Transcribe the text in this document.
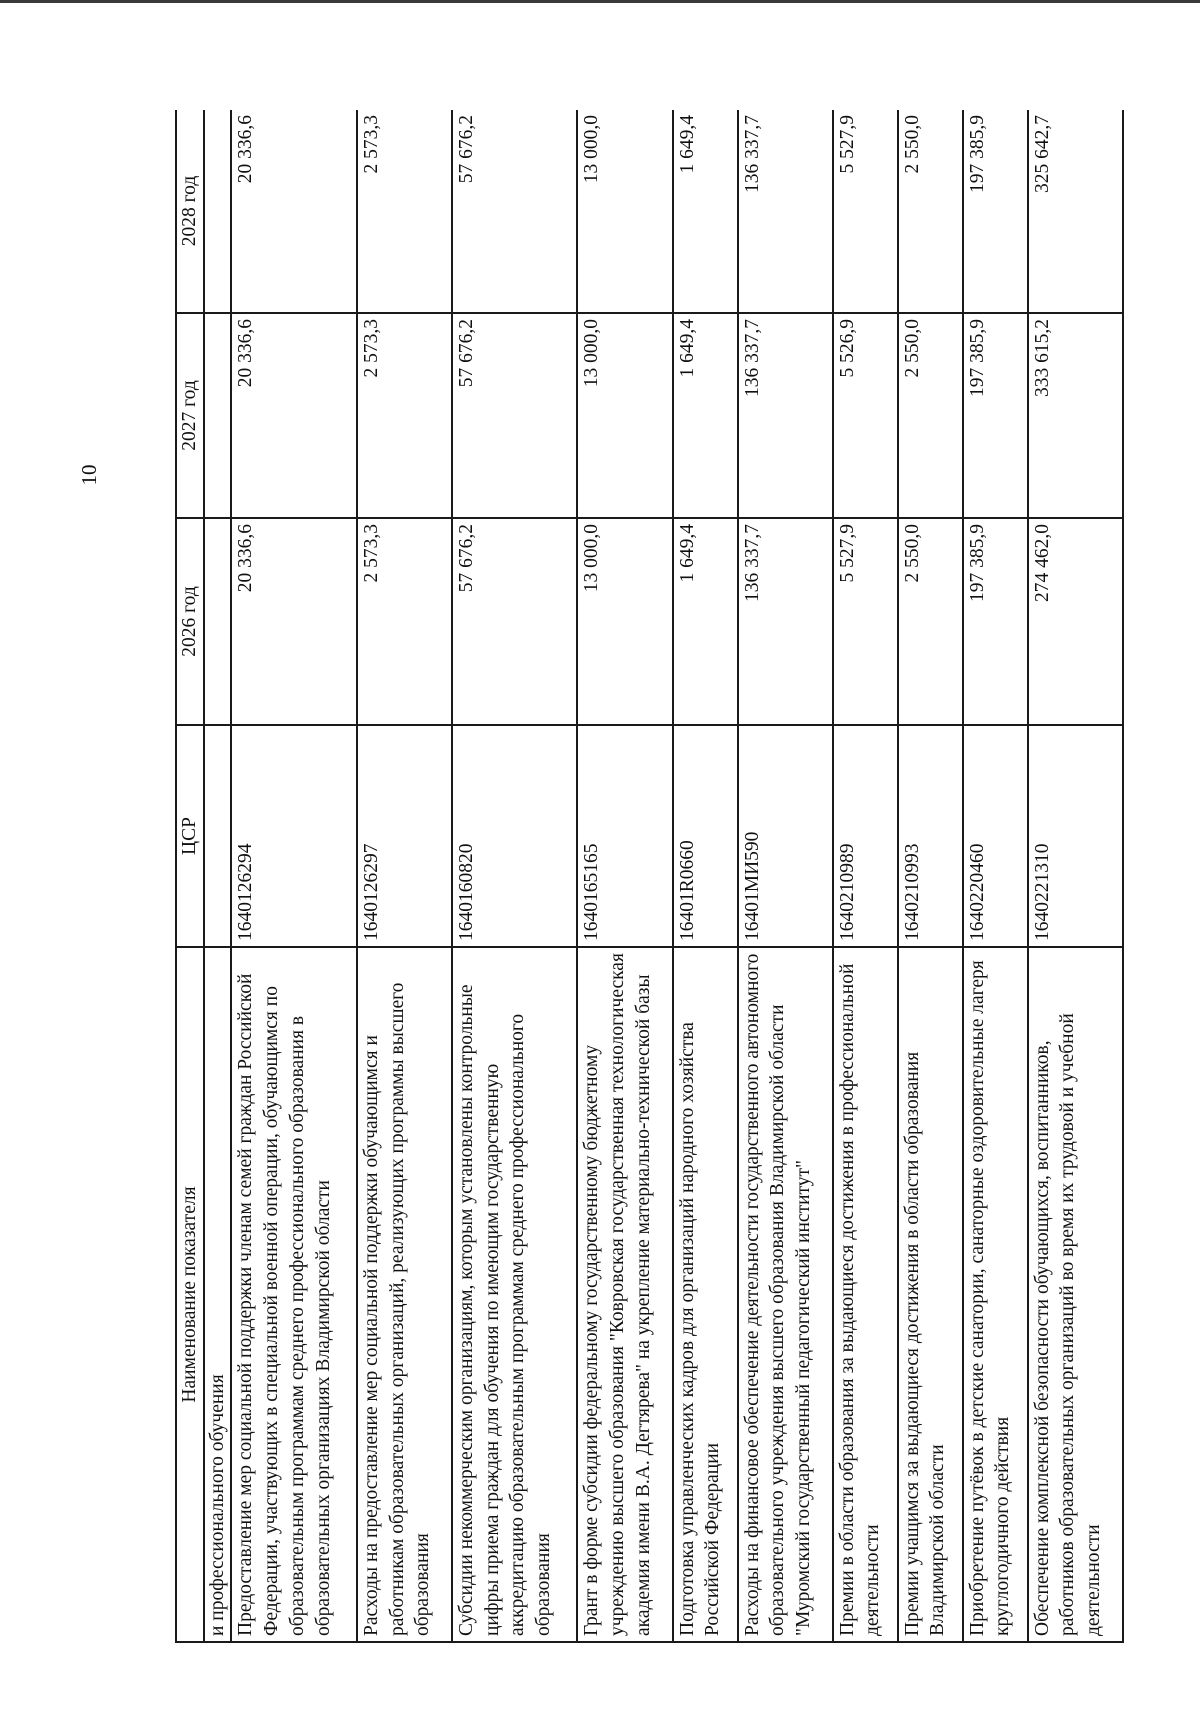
10
Наименование показателя	ЦСР	2026 год	2027 год	2028 год
и профессионального обучения				
Предоставление мер социальной поддержки членам семей граждан Российской Федерации, участвующих в специальной военной операции, обучающимся по образовательным программам среднего профессионального образования в образовательных организациях Владимирской области	1640126294	20 336,6	20 336,6	20 336,6
Расходы на предоставление мер социальной поддержки обучающимся и работникам образовательных организаций, реализующих программы высшего образования	1640126297	2 573,3	2 573,3	2 573,3
Субсидии некоммерческим организациям, которым установлены контрольные цифры приема граждан для обучения по имеющим государственную аккредитацию образовательным программам среднего профессионального образования	1640160820	57 676,2	57 676,2	57 676,2
Грант в форме субсидии федеральному государственному бюджетному учреждению высшего образования "Ковровская государственная технологическая академия имени В.А. Дегтярева" на укрепление материально-технической базы	1640165165	13 000,0	13 000,0	13 000,0
Подготовка управленческих кадров для организаций народного хозяйства Российской Федерации	16401R0660	1 649,4	1 649,4	1 649,4
Расходы на финансовое обеспечение деятельности государственного автономного образовательного учреждения высшего образования Владимирской области "Муромский государственный педагогический институт"	16401МИ590	136 337,7	136 337,7	136 337,7
Премии в области образования за выдающиеся достижения в профессиональной деятельности	1640210989	5 527,9	5 526,9	5 527,9
Премии учащимся за выдающиеся достижения в области образования Владимирской области	1640210993	2 550,0	2 550,0	2 550,0
Приобретение путёвок в детские санатории, санаторные оздоровительные лагеря круглогодичного действия	1640220460	197 385,9	197 385,9	197 385,9
Обеспечение комплексной безопасности обучающихся, воспитанников, работников образовательных организаций во время их трудовой и учебной деятельности	1640221310	274 462,0	333 615,2	325 642,7
